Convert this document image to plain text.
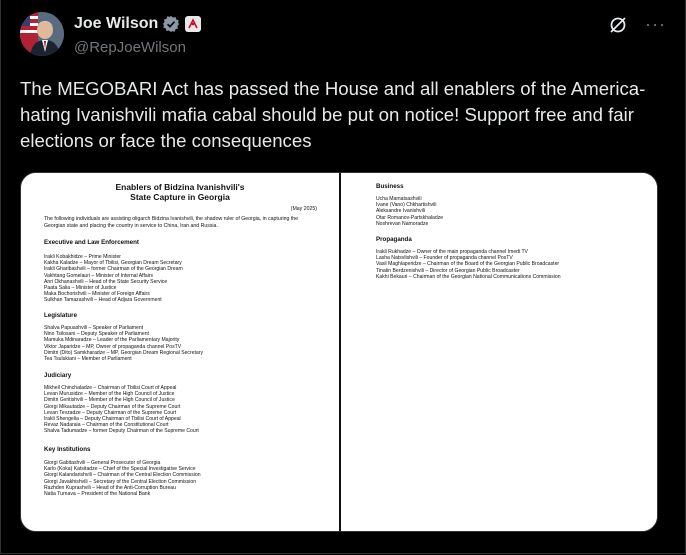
Joe Wilson
@RepJoeWilson
···

The MEGOBARI Act has passed the House and all enablers of the America-hating Ivanishvili mafia cabal should be put on notice! Support free and fair elections or face the consequences

Enablers of Bidzina Ivanishvili's
State Capture in Georgia
(May 2025)
The following individuals are assisting oligarch Bidzina Ivanishvili, the shadow ruler of Georgia, in capturing the Georgian state and placing the country in service to China, Iran and Russia.
Executive and Law Enforcement
Irakli Kobakhidze – Prime Minister
Kakha Kaladze – Mayor of Tbilisi, Georgian Dream Secretary
Irakli Gharibashvili – former Chairman of the Georgian Dream
Vakhtang Gomelauri – Minister of Internal Affairs
Anri Okhanashvili – Head of the State Security Service
Paata Salia – Minister of Justice
Maka Bochorishvili – Minister of Foreign Affairs
Sulkhan Tamazashvili – Head of Adjara Government
Legislature
Shalva Papuashvili – Speaker of Parliament
Nino Tsilosani – Deputy Speaker of Parliament
Mamuka Mdinaradze – Leader of the Parliamentary Majority
Viktor Japaridze – MP, Owner of propaganda channel PosTV
Dimitri (Dito) Samkharadze – MP, Georgian Dream Regional Secretary
Tea Tsulukiani – Member of Parliament
Judiciary
Mikheil Chinchaladze – Chairman of Tbilisi Court of Appeal
Levan Murusidze – Member of the High Council of Justice
Dimitri Gvritishvili – Member of the High Council of Justice
Giorgi Mikautadze – Deputy Chairman of the Supreme Court
Levan Tevzadze – Deputy Chairman of the Supreme Court
Irakli Shengelia – Deputy Chairman of Tbilisi Court of Appeal
Revaz Nadaraia – Chairman of the Constitutional Court
Shalva Tadumadze – former Deputy Chairman of the Supreme Court
Key Institutions
Giorgi Gabitashvili – General Prosecutor of Georgia
Karlo (Koka) Katsitadze – Chief of the Special Investigative Service
Giorgi Kalandarishvili – Chairman of the Central Election Commission
Giorgi Javakhishvili – Secretary of the Central Election Commission
Razhden Kuprashvili – Head of the Anti-Corruption Bureau
Natia Turnava – President of the National Bank
Business
Ucha Mamatsashvili
Ivane (Vano) Chkhartishvili
Aleksandre Ivanishvili
Otar Romanov-Partskhaladze
Noshrevan Namoradze
Propaganda
Irakli Rukhadze – Owner of the main propaganda channel Imedi TV
Lasha Natsvlishvili – Founder of propaganda channel PosTV
Vasil Maghlaperidze – Chairman of the Board of the Georgian Public Broadcaster
Tinatin Berdzenishvili – Director of Georgian Public Broadcaster
Kakhi Bekauri – Chairman of the Georgian National Communications Commission
